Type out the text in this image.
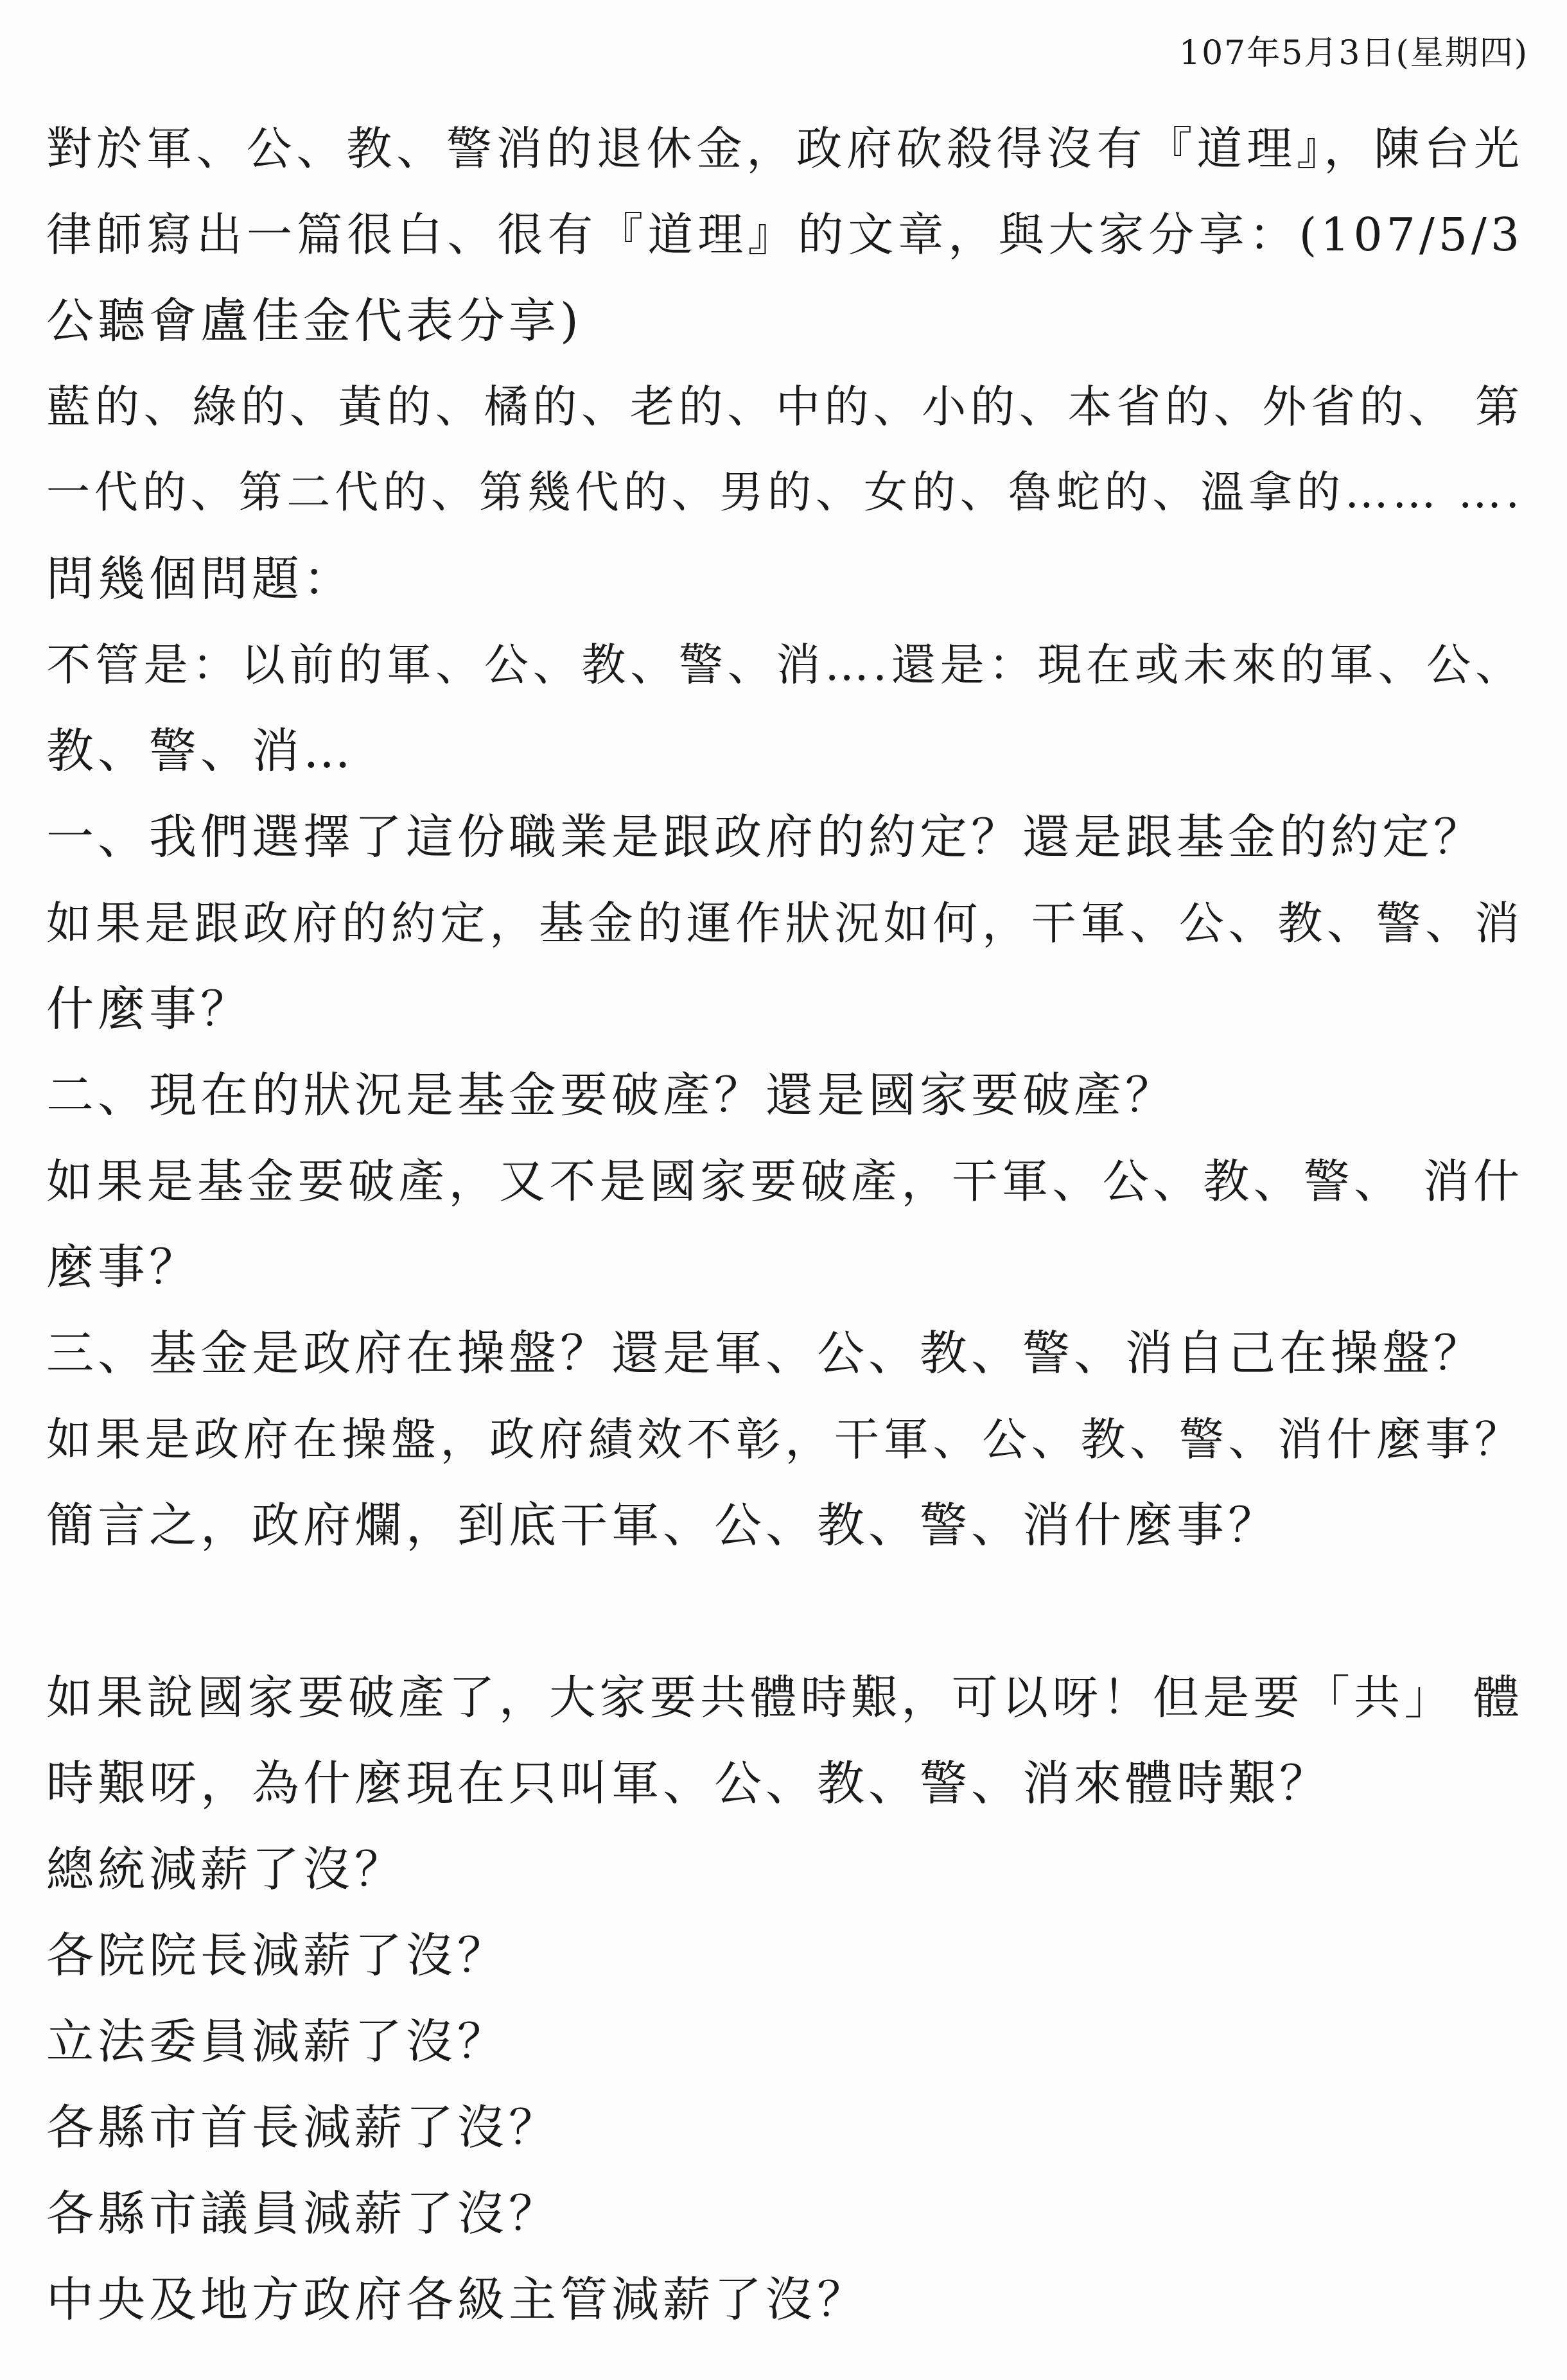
107年5月3日(星期四)
對於軍、公、教、警消的退休金，政府砍殺得沒有『道理』，陳台光
律師寫出一篇很白、很有『道理』的文章，與大家分享：(107/5/3
公聽會盧佳金代表分享)
藍的、綠的、黃的、橘的、老的、中的、小的、本省的、外省的、 第
一代的、第二代的、第幾代的、男的、女的、魯蛇的、溫拿的…… ….
問幾個問題：
不管是：以前的軍、公、教、警、消….還是：現在或未來的軍、公、
教、警、消…
一、我們選擇了這份職業是跟政府的約定？還是跟基金的約定？
如果是跟政府的約定，基金的運作狀況如何，干軍、公、教、警、消
什麼事？
二、現在的狀況是基金要破產？還是國家要破產？
如果是基金要破產，又不是國家要破產，干軍、公、教、警、 消什
麼事？
三、基金是政府在操盤？還是軍、公、教、警、消自己在操盤？
如果是政府在操盤，政府績效不彰，干軍、公、教、警、消什麼事？
簡言之，政府爛，到底干軍、公、教、警、消什麼事？
如果說國家要破產了，大家要共體時艱，可以呀！但是要「共」 體
時艱呀，為什麼現在只叫軍、公、教、警、消來體時艱？
總統減薪了沒？
各院院長減薪了沒？
立法委員減薪了沒？
各縣市首長減薪了沒？
各縣市議員減薪了沒？
中央及地方政府各級主管減薪了沒？
